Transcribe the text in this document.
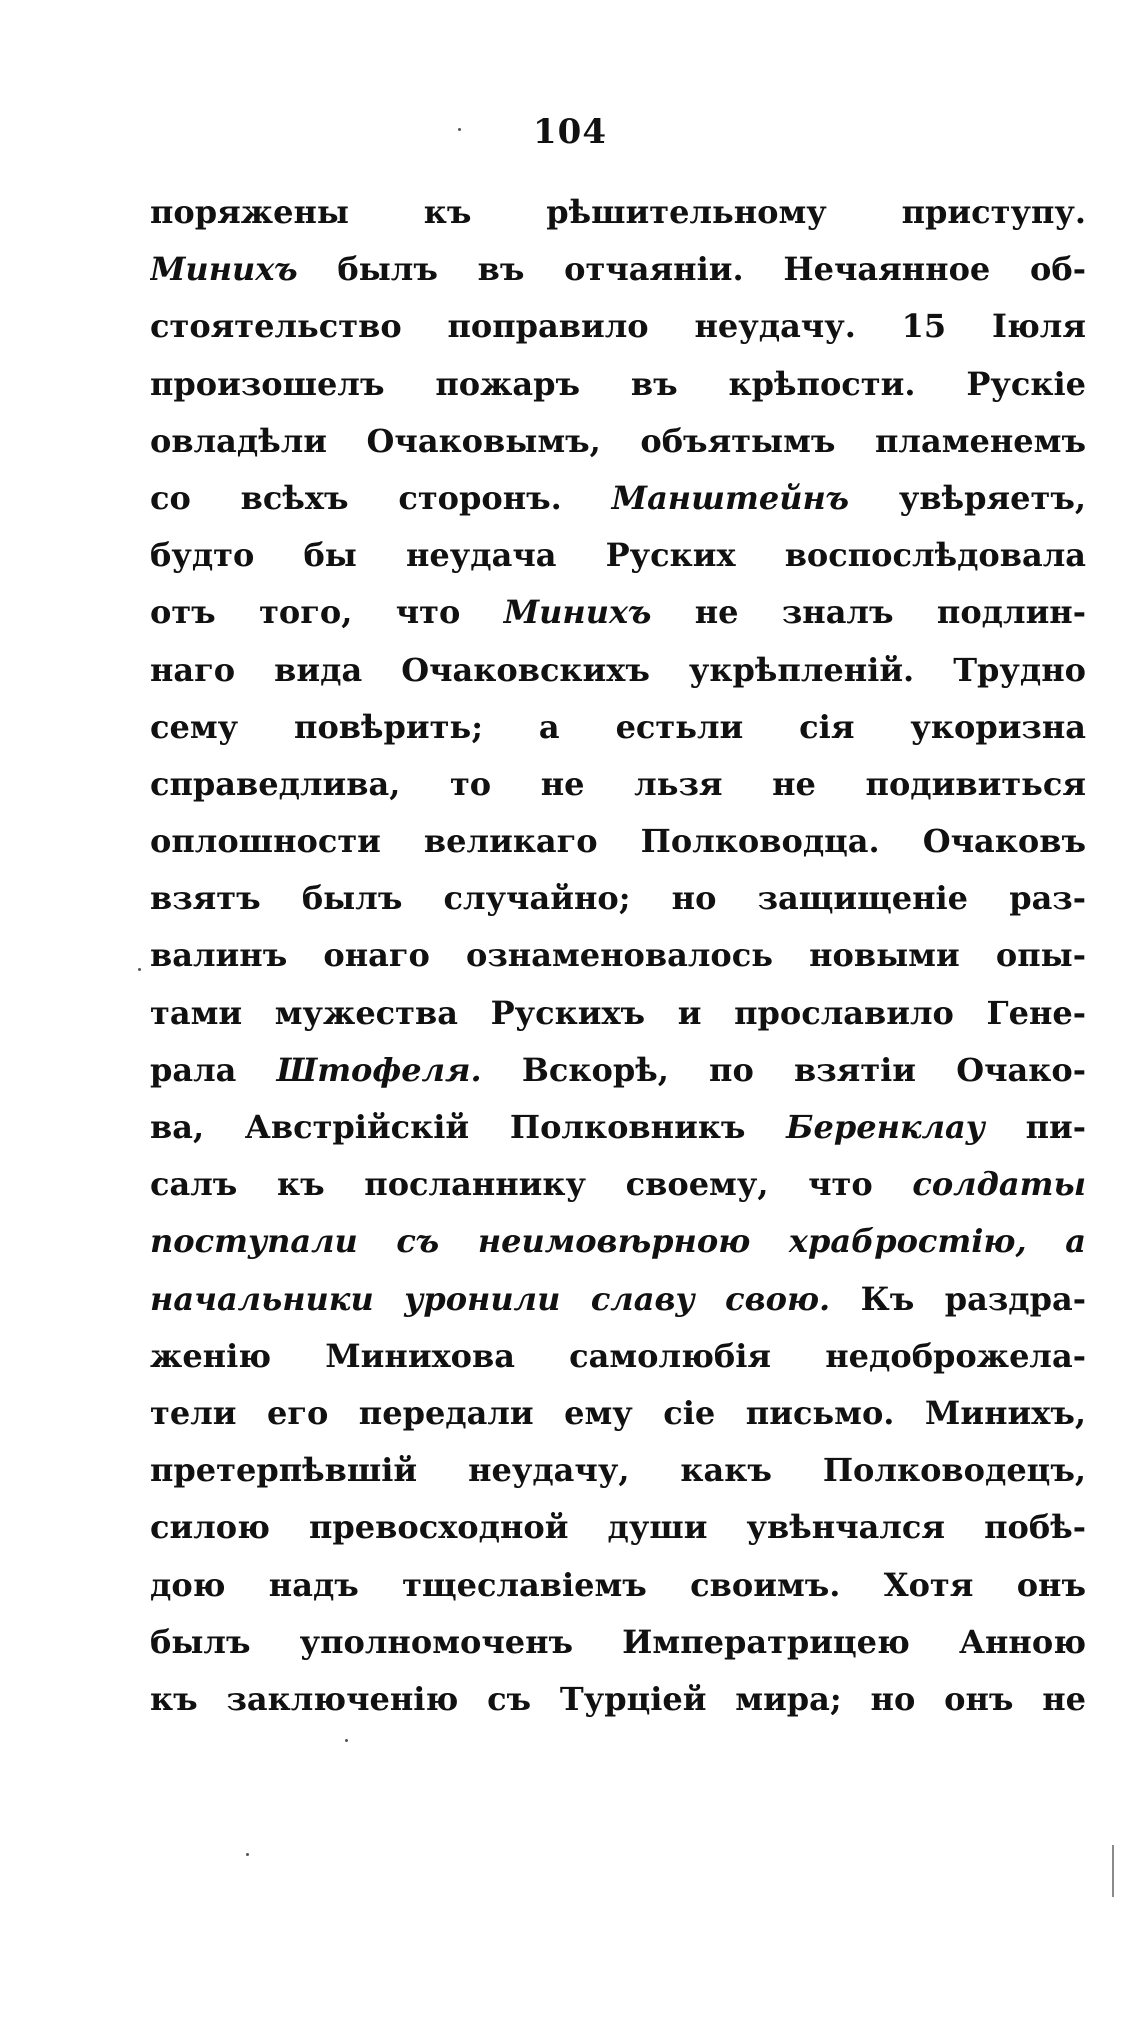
104
поряжены къ рѣшительному приступу.
Минихъ былъ въ отчаяніи. Нечаянное об-
стоятельство поправило неудачу. 15 Іюля
произошелъ пожаръ въ крѣпости. Рускіе
овладѣли Очаковымъ, объятымъ пламенемъ
со всѣхъ сторонъ. Манштейнъ увѣряетъ,
будто бы неудача Руских воспослѣдовала
отъ того, что Минихъ не зналъ подлин-
наго вида Очаковскихъ укрѣпленій. Трудно
сему повѣрить; а естьли сія укоризна
справедлива, то не льзя не подивиться
оплошности великаго Полководца. Очаковъ
взятъ былъ случайно; но защищеніе раз-
валинъ онаго ознаменовалось новыми опы-
тами мужества Рускихъ и прославило Гене-
рала Штофеля. Вскорѣ, по взятіи Очако-
ва, Австрійскій Полковникъ Беренклау пи-
салъ къ посланнику своему, что солдаты
поступали съ неимовѣрною храбростію, а
начальники уронили славу свою. Къ раздра-
женію Миниxова самолюбія недоброжела-
тели его передали ему сіе письмо. Минихъ,
претерпѣвшій неудачу, какъ Полководецъ,
силою превосходной души увѣнчался побѣ-
дою надъ тщеславіемъ своимъ. Хотя онъ
былъ уполномоченъ Императрицею Анною
къ заключенію съ Турціей мира; но онъ не
